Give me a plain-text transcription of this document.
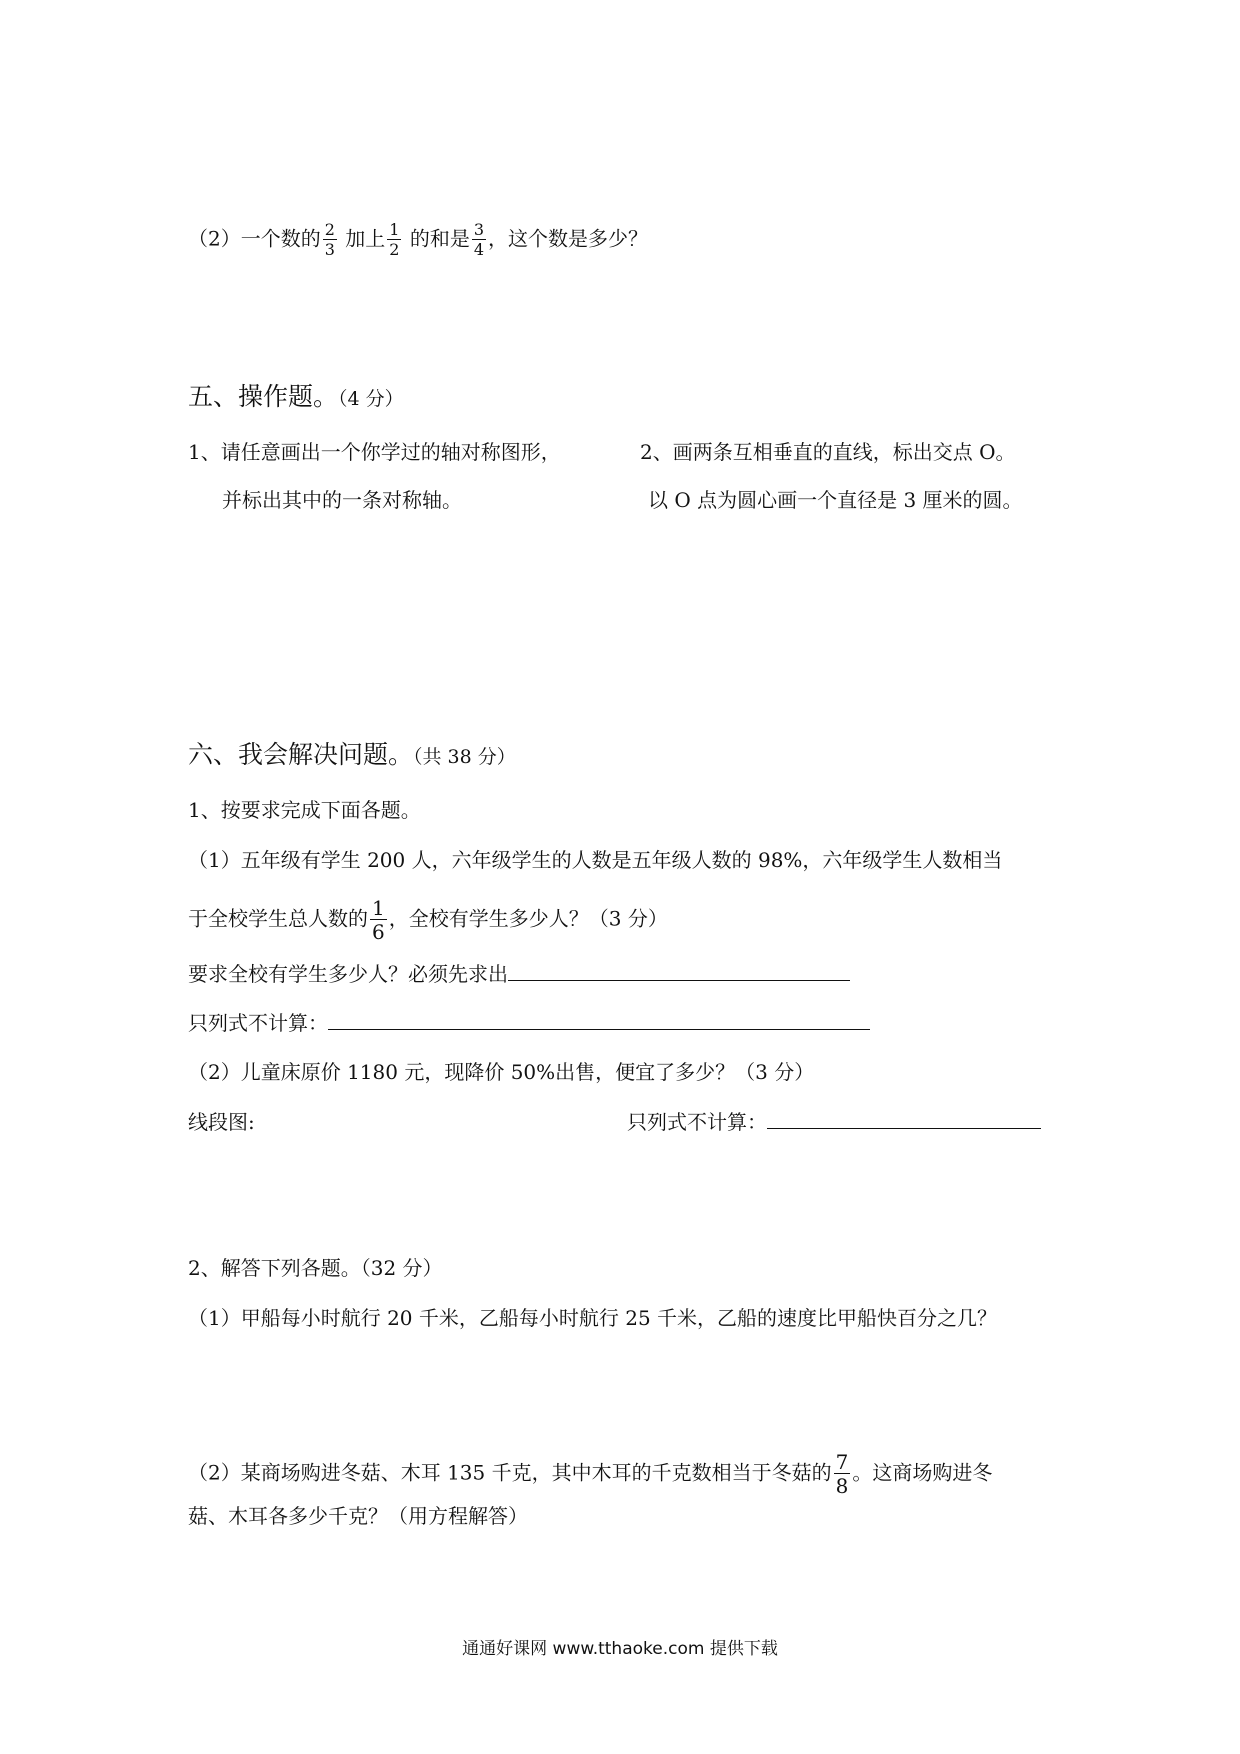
（2）一个数的 $\frac{2}{3}$ 加上 $\frac{1}{2}$ 的和是 $\frac{3}{4}$ ，这个数是多少？
五、操作题。（4 分）
1、请任意画出一个你学过的轴对称图形，
并标出其中的一条对称轴。
2、画两条互相垂直的直线，标出交点 O。
以 O 点为圆心画一个直径是 3 厘米的圆。
六、我会解决问题。（共 38 分）
1、按要求完成下面各题。
（1）五年级有学生 200 人，六年级学生的人数是五年级人数的 98%，六年级学生人数相当
于全校学生总人数的 $\frac{1}{6}$ ，全校有学生多少人？（3 分）
要求全校有学生多少人？必须先求出
只列式不计算：
（2）儿童床原价 1180 元，现降价 50%出售，便宜了多少？（3 分）
线段图:	只列式不计算：
2、解答下列各题。（32 分）
（1）甲船每小时航行 20 千米，乙船每小时航行 25 千米，乙船的速度比甲船快百分之几？
（2）某商场购进冬菇、木耳 135 千克，其中木耳的千克数相当于冬菇的 $\frac{7}{8}$ 。这商场购进冬
菇、木耳各多少千克？（用方程解答）
通通好课网 www.tthaoke.com 提供下载
